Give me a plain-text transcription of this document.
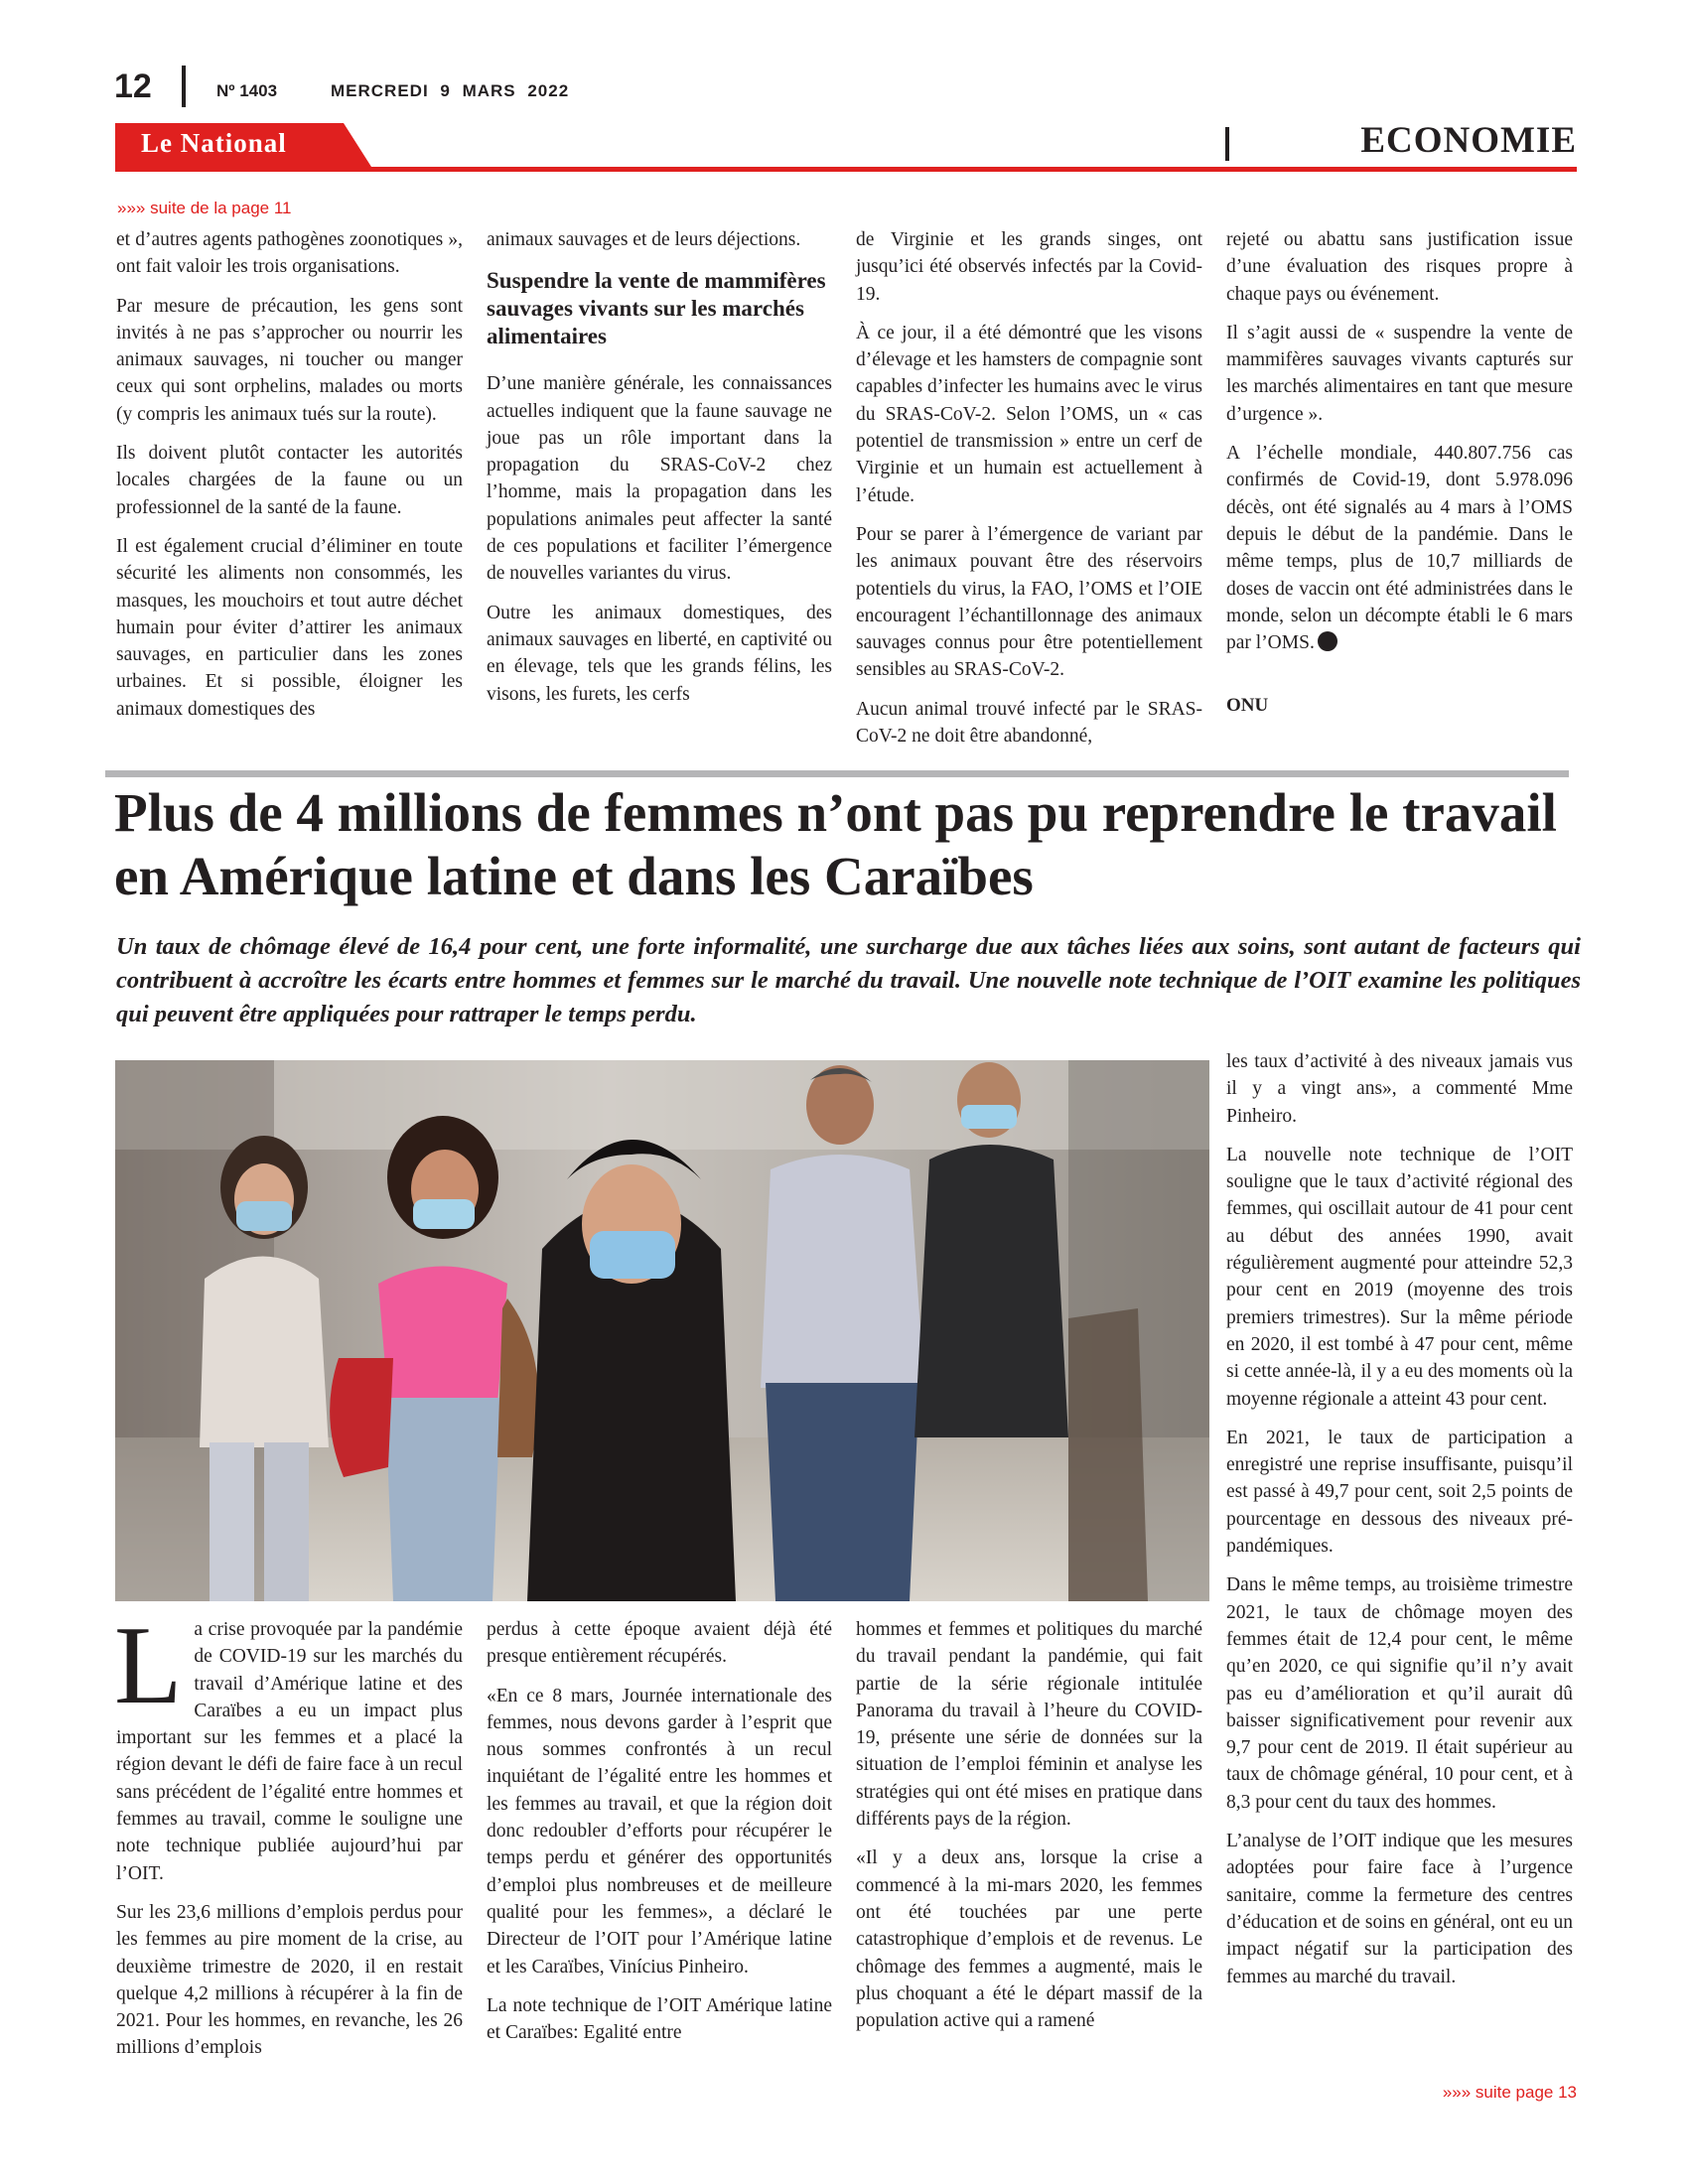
12	Nº 1403	MERCREDI 9 MARS 2022
Le National	ECONOMIE
»»» suite de la page 11

et d’autres agents pathogènes zoonotiques », ont fait valoir les trois organisations.

Par mesure de précaution, les gens sont invités à ne pas s’approcher ou nourrir les animaux sauvages, ni toucher ou manger ceux qui sont orphelins, malades ou morts (y compris les animaux tués sur la route).

Ils doivent plutôt contacter les autorités locales chargées de la faune ou un professionnel de la santé de la faune.

Il est également crucial d’éliminer en toute sécurité les aliments non consommés, les masques, les mouchoirs et tout autre déchet humain pour éviter d’attirer les animaux sauvages, en particulier dans les zones urbaines. Et si possible, éloigner les animaux domestiques des

animaux sauvages et de leurs déjections.

Suspendre la vente de mammifères sauvages vivants sur les marchés alimentaires

D’une manière générale, les connaissances actuelles indiquent que la faune sauvage ne joue pas un rôle important dans la propagation du SRAS-CoV-2 chez l’homme, mais la propagation dans les populations animales peut affecter la santé de ces populations et faciliter l’émergence de nouvelles variantes du virus.

Outre les animaux domestiques, des animaux sauvages en liberté, en captivité ou en élevage, tels que les grands félins, les visons, les furets, les cerfs

de Virginie et les grands singes, ont jusqu’ici été observés infectés par la Covid-19.

À ce jour, il a été démontré que les visons d’élevage et les hamsters de compagnie sont capables d’infecter les humains avec le virus du SRAS-CoV-2. Selon l’OMS, un « cas potentiel de transmission » entre un cerf de Virginie et un humain est actuellement à l’étude.

Pour se parer à l’émergence de variant par les animaux pouvant être des réservoirs potentiels du virus, la FAO, l’OMS et l’OIE encouragent l’échantillonnage des animaux sauvages connus pour être potentiellement sensibles au SRAS-CoV-2.

Aucun animal trouvé infecté par le SRAS-CoV-2 ne doit être abandonné,

rejeté ou abattu sans justification issue d’une évaluation des risques propre à chaque pays ou événement.

Il s’agit aussi de « suspendre la vente de mammifères sauvages vivants capturés sur les marchés alimentaires en tant que mesure d’urgence ».

A l’échelle mondiale, 440.807.756 cas confirmés de Covid-19, dont 5.978.096 décès, ont été signalés au 4 mars à l’OMS depuis le début de la pandémie. Dans le même temps, plus de 10,7 milliards de doses de vaccin ont été administrées dans le monde, selon un décompte établi le 6 mars par l’OMS.

ONU

Plus de 4 millions de femmes n’ont pas pu reprendre le travail en Amérique latine et dans les Caraïbes

Un taux de chômage élevé de 16,4 pour cent, une forte informalité, une surcharge due aux tâches liées aux soins, sont autant de facteurs qui contribuent à accroître les écarts entre hommes et femmes sur le marché du travail. Une nouvelle note technique de l’OIT examine les politiques qui peuvent être appliquées pour rattraper le temps perdu.

La crise provoquée par la pandémie de COVID-19 sur les marchés du travail d’Amérique latine et des Caraïbes a eu un impact plus important sur les femmes et a placé la région devant le défi de faire face à un recul sans précédent de l’égalité entre hommes et femmes au travail, comme le souligne une note technique publiée aujourd’hui par l’OIT.

Sur les 23,6 millions d’emplois perdus pour les femmes au pire moment de la crise, au deuxième trimestre de 2020, il en restait quelque 4,2 millions à récupérer à la fin de 2021. Pour les hommes, en revanche, les 26 millions d’emplois

perdus à cette époque avaient déjà été presque entièrement récupérés.

«En ce 8 mars, Journée internationale des femmes, nous devons garder à l’esprit que nous sommes confrontés à un recul inquiétant de l’égalité entre les hommes et les femmes au travail, et que la région doit donc redoubler d’efforts pour récupérer le temps perdu et générer des opportunités d’emploi plus nombreuses et de meilleure qualité pour les femmes», a déclaré le Directeur de l’OIT pour l’Amérique latine et les Caraïbes, Vinícius Pinheiro.

La note technique de l’OIT Amérique latine et Caraïbes: Egalité entre

hommes et femmes et politiques du marché du travail pendant la pandémie, qui fait partie de la série régionale intitulée Panorama du travail à l’heure du COVID-19, présente une série de données sur la situation de l’emploi féminin et analyse les stratégies qui ont été mises en pratique dans différents pays de la région.

«Il y a deux ans, lorsque la crise a commencé à la mi-mars 2020, les femmes ont été touchées par une perte catastrophique d’emplois et de revenus. Le chômage des femmes a augmenté, mais le plus choquant a été le départ massif de la population active qui a ramené

les taux d’activité à des niveaux jamais vus il y a vingt ans», a commenté Mme Pinheiro.

La nouvelle note technique de l’OIT souligne que le taux d’activité régional des femmes, qui oscillait autour de 41 pour cent au début des années 1990, avait régulièrement augmenté pour atteindre 52,3 pour cent en 2019 (moyenne des trois premiers trimestres). Sur la même période en 2020, il est tombé à 47 pour cent, même si cette année-là, il y a eu des moments où la moyenne régionale a atteint 43 pour cent.

En 2021, le taux de participation a enregistré une reprise insuffisante, puisqu’il est passé à 49,7 pour cent, soit 2,5 points de pourcentage en dessous des niveaux pré-pandémiques.

Dans le même temps, au troisième trimestre 2021, le taux de chômage moyen des femmes était de 12,4 pour cent, le même qu’en 2020, ce qui signifie qu’il n’y avait pas eu d’amélioration et qu’il aurait dû baisser significativement pour revenir aux 9,7 pour cent de 2019. Il était supérieur au taux de chômage général, 10 pour cent, et à 8,3 pour cent du taux des hommes.

L’analyse de l’OIT indique que les mesures adoptées pour faire face à l’urgence sanitaire, comme la fermeture des centres d’éducation et de soins en général, ont eu un impact négatif sur la participation des femmes au marché du travail.

»»» suite page 13
